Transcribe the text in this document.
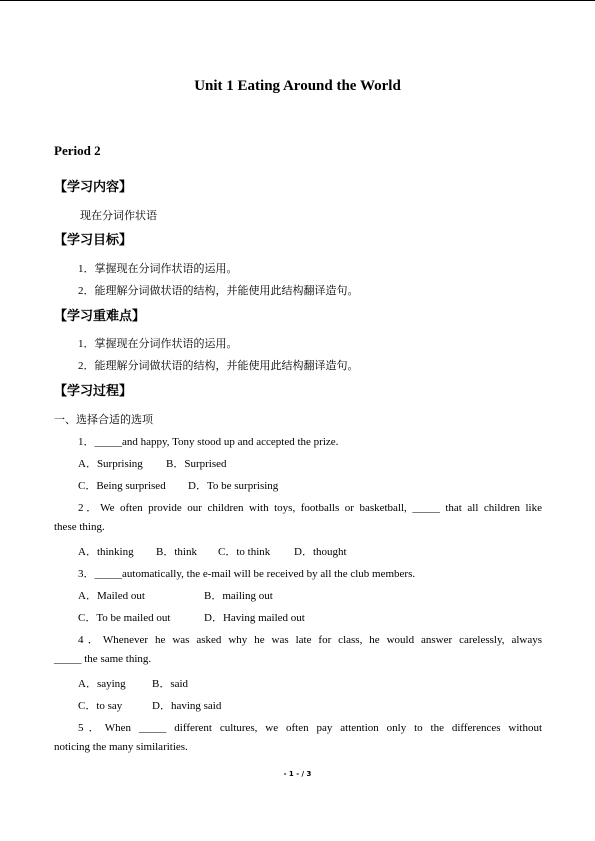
Unit 1 Eating Around the World
Period 2
【学习内容】
现在分词作状语
【学习目标】
1．掌握现在分词作状语的运用。
2．能理解分词做状语的结构，并能使用此结构翻译造句。
【学习重难点】
1．掌握现在分词作状语的运用。
2．能理解分词做状语的结构，并能使用此结构翻译造句。
【学习过程】
一、选择合适的选项
1．_____and happy, Tony stood up and accepted the prize.
A．Surprising B．Surprised
C．Being surprised D．To be surprising
2．We often provide our children with toys, footballs or basketball, _____ that all children like
these thing.
A．thinking B．think C．to think D．thought
3．_____automatically, the e-mail will be received by all the club members.
A．Mailed out	B．mailing out
C．To be mailed out	D．Having mailed out
4．Whenever he was asked why he was late for class, he would answer carelessly, always
_____ the same thing.
A．saying B．said
C．to say	D．having said
5．When _____ different cultures, we often pay attention only to the differences without
noticing the many similarities.
- 1 - / 3
